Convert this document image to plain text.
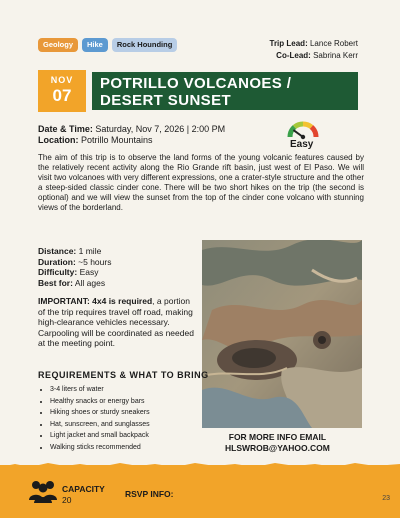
Geology	Hike	Rock Hounding	Trip Lead: Lance Robert
Co-Lead: Sabrina Kerr
NOV
07
POTRILLO VOLCANOES /
DESERT SUNSET
Date & Time: Saturday, Nov 7, 2026 | 2:00 PM
Location: Potrillo Mountains	Easy
The aim of this trip is to observe the land forms of the young volcanic features caused by the relatively recent activity along the Rio Grande rift basin, just west of El Paso. We will visit two volcanoes with very different expressions, one a crater-style structure and the other a steep-sided classic cinder cone. There will be two short hikes on the trip (the second is optional) and we will view the sunset from the top of the cinder cone volcano with stunning views of the borderland.
Distance: 1 mile
Duration: ~5 hours
Difficulty: Easy
Best for: All ages
IMPORTANT: 4x4 is required, a portion of the trip requires travel off road, making high-clearance vehicles necessary. Carpooling will be coordinated as needed at the meeting point.
REQUIREMENTS & WHAT TO BRING
• 3-4 liters of water
• Healthy snacks or energy bars
• Hiking shoes or sturdy sneakers
• Hat, sunscreen, and sunglasses
• Light jacket and small backpack
• Walking sticks recommended
FOR MORE INFO EMAIL
HLSWROB@YAHOO.COM
CAPACITY
20
RSVP INFO:	23
